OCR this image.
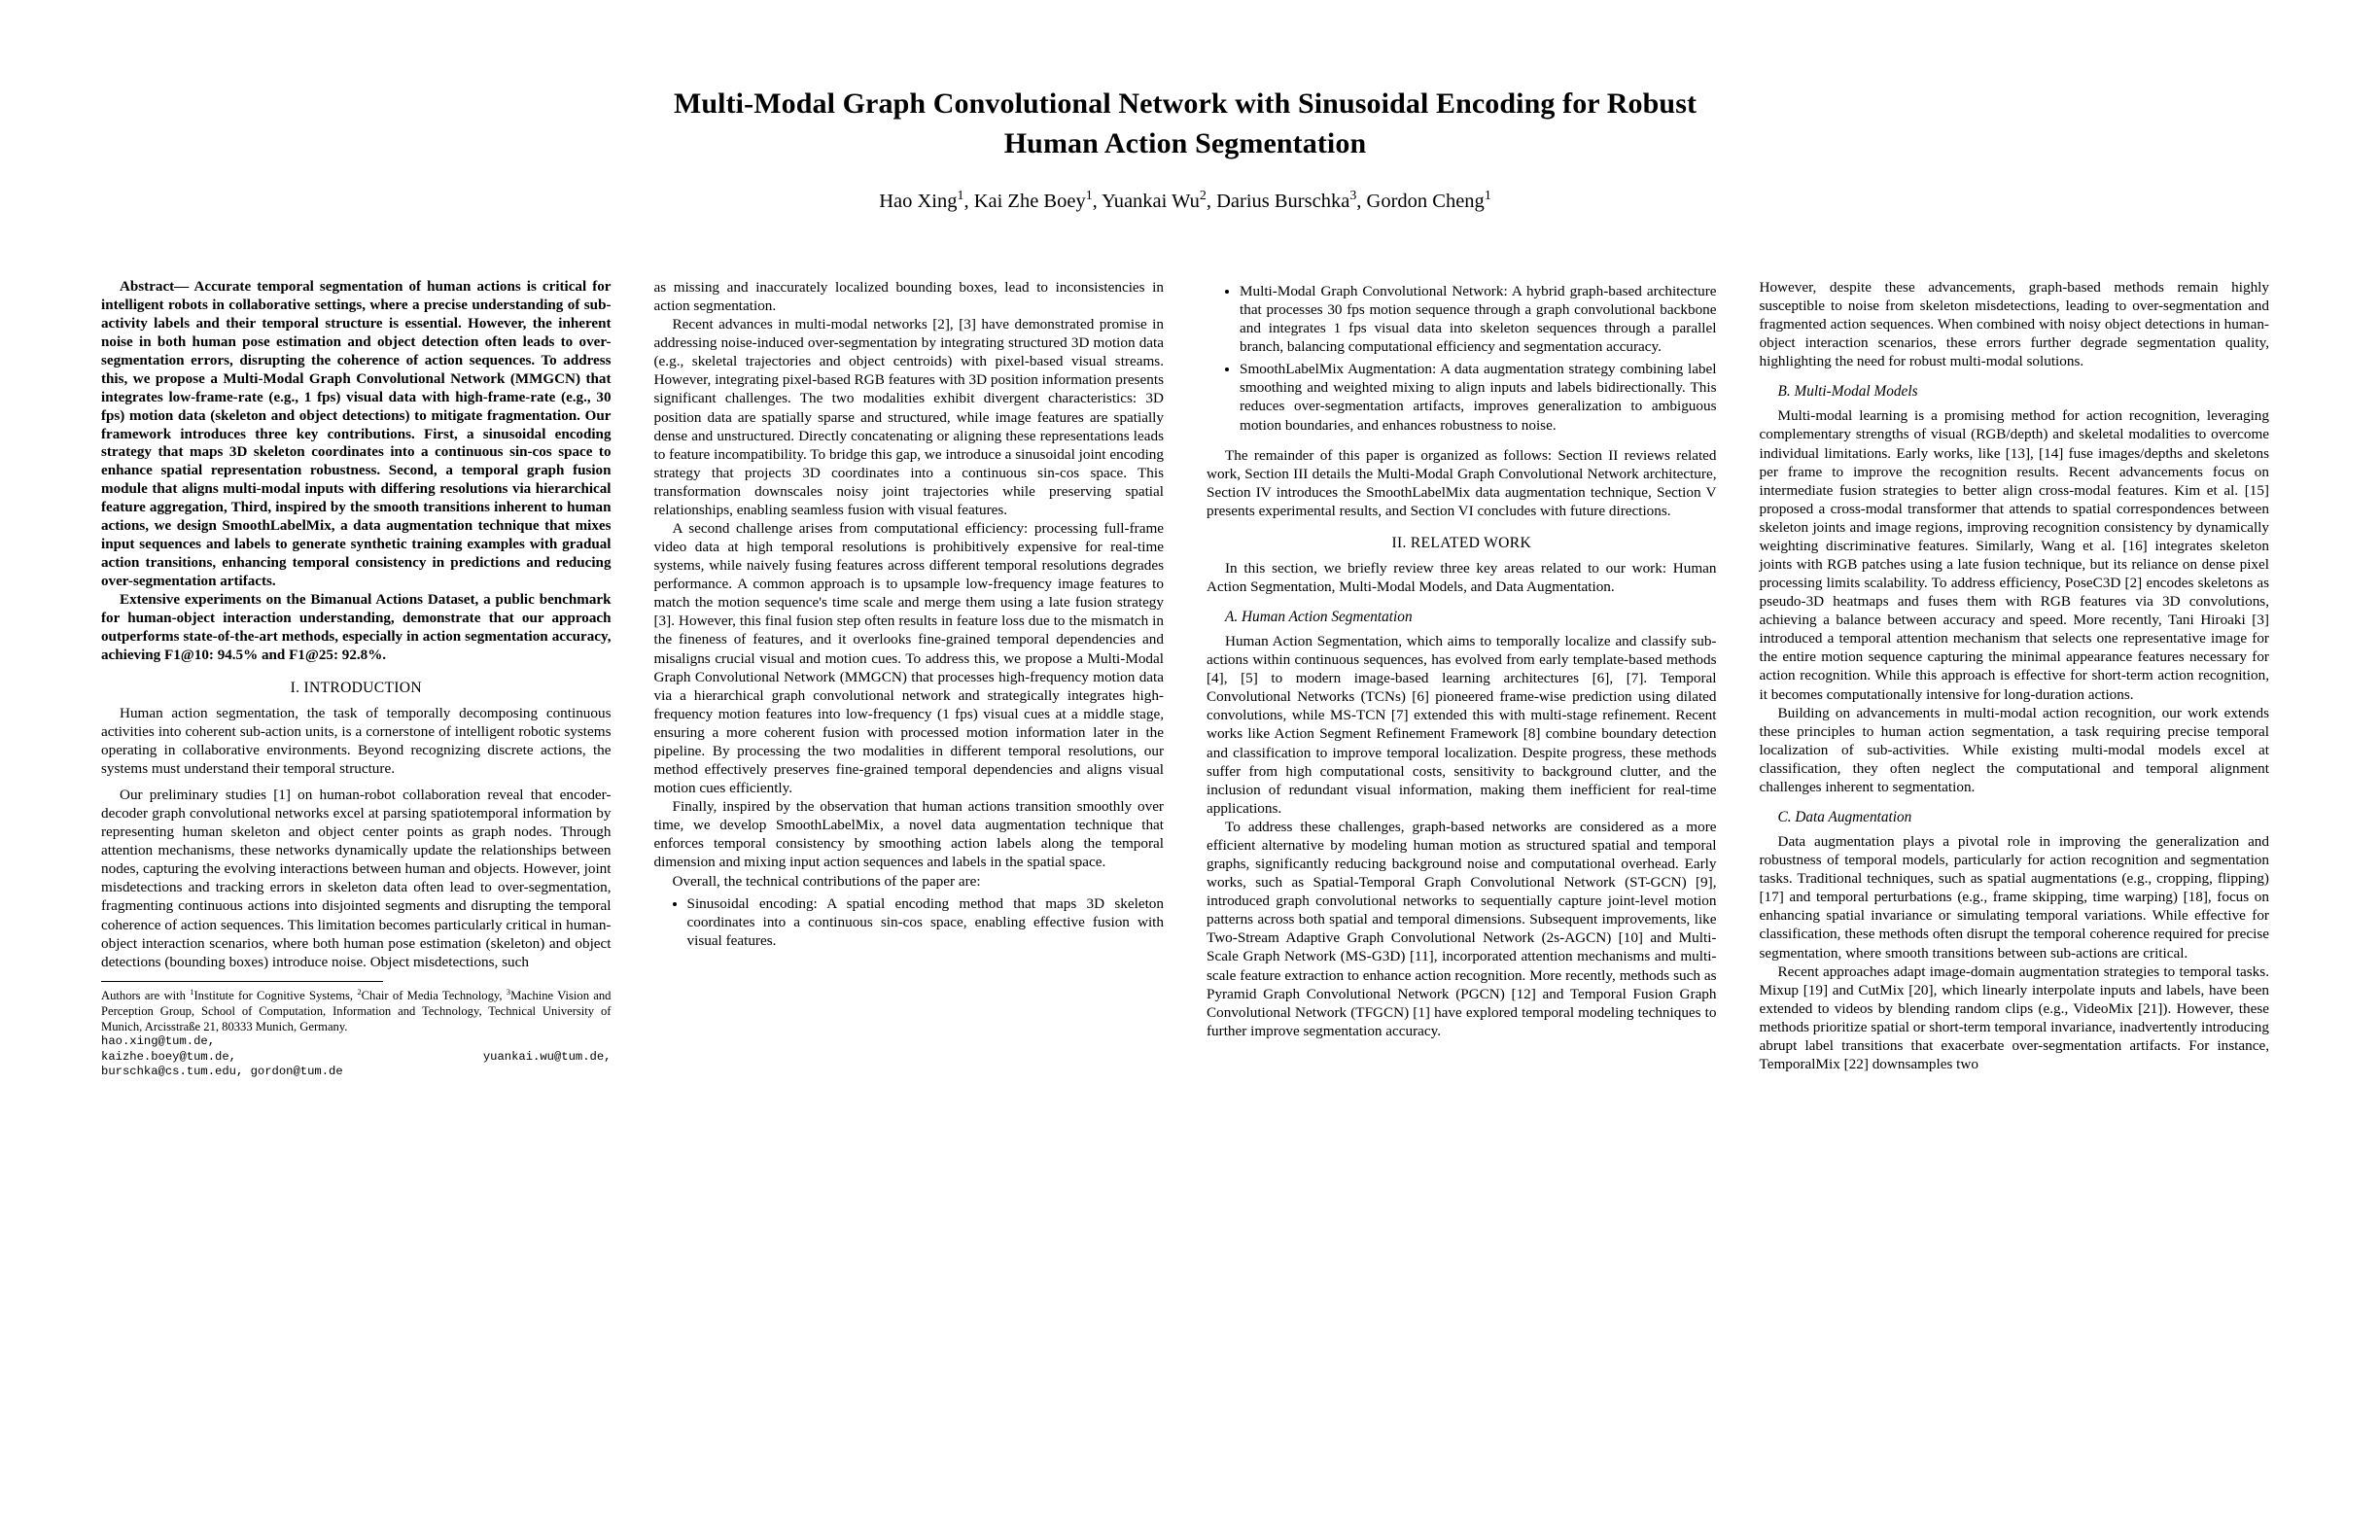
Multi-Modal Graph Convolutional Network with Sinusoidal Encoding for Robust Human Action Segmentation
Hao Xing$^1$, Kai Zhe Boey$^1$, Yuankai Wu$^2$, Darius Burschka$^3$, Gordon Cheng$^1$

Abstract— Accurate temporal segmentation of human actions is critical for intelligent robots in collaborative settings, where a precise understanding of sub-activity labels and their temporal structure is essential. However, the inherent noise in both human pose estimation and object detection often leads to over-segmentation errors, disrupting the coherence of action sequences. To address this, we propose a Multi-Modal Graph Convolutional Network (MMGCN) that integrates low-frame-rate (e.g., 1 fps) visual data with high-frame-rate (e.g., 30 fps) motion data (skeleton and object detections) to mitigate fragmentation. Our framework introduces three key contributions. First, a sinusoidal encoding strategy that maps 3D skeleton coordinates into a continuous sin-cos space to enhance spatial representation robustness. Second, a temporal graph fusion module that aligns multi-modal inputs with differing resolutions via hierarchical feature aggregation, Third, inspired by the smooth transitions inherent to human actions, we design SmoothLabelMix, a data augmentation technique that mixes input sequences and labels to generate synthetic training examples with gradual action transitions, enhancing temporal consistency in predictions and reducing over-segmentation artifacts.

Extensive experiments on the Bimanual Actions Dataset, a public benchmark for human-object interaction understanding, demonstrate that our approach outperforms state-of-the-art methods, especially in action segmentation accuracy, achieving F1@10: 94.5% and F1@25: 92.8%.

I. INTRODUCTION

Human action segmentation, the task of temporally decomposing continuous activities into coherent sub-action units, is a cornerstone of intelligent robotic systems operating in collaborative environments. Beyond recognizing discrete actions, the systems must understand their temporal structure.

Our preliminary studies [1] on human-robot collaboration reveal that encoder-decoder graph convolutional networks excel at parsing spatiotemporal information by representing human skeleton and object center points as graph nodes. Through attention mechanisms, these networks dynamically update the relationships between nodes, capturing the evolving interactions between human and objects. However, joint misdetections and tracking errors in skeleton data often lead to over-segmentation, fragmenting continuous actions into disjointed segments and disrupting the temporal coherence of action sequences. This limitation becomes particularly critical in human-object interaction scenarios, where both human pose estimation (skeleton) and object detections (bounding boxes) introduce noise. Object misdetections, such

Authors are with $^1$Institute for Cognitive Systems, $^2$Chair of Media Technology, $^3$Machine Vision and Perception Group, School of Computation, Information and Technology, Technical University of Munich, Arcisstraße 21, 80333 Munich, Germany.

hao.xing@tum.de,

kaizhe.boey@tum.de,	yuankai.wu@tum.de,

burschka@cs.tum.edu, gordon@tum.de

as missing and inaccurately localized bounding boxes, lead to inconsistencies in action segmentation.

Recent advances in multi-modal networks [2], [3] have demonstrated promise in addressing noise-induced over-segmentation by integrating structured 3D motion data (e.g., skeletal trajectories and object centroids) with pixel-based visual streams. However, integrating pixel-based RGB features with 3D position information presents significant challenges. The two modalities exhibit divergent characteristics: 3D position data are spatially sparse and structured, while image features are spatially dense and unstructured. Directly concatenating or aligning these representations leads to feature incompatibility. To bridge this gap, we introduce a sinusoidal joint encoding strategy that projects 3D coordinates into a continuous sin-cos space. This transformation downscales noisy joint trajectories while preserving spatial relationships, enabling seamless fusion with visual features.

A second challenge arises from computational efficiency: processing full-frame video data at high temporal resolutions is prohibitively expensive for real-time systems, while naively fusing features across different temporal resolutions degrades performance. A common approach is to upsample low-frequency image features to match the motion sequence's time scale and merge them using a late fusion strategy [3]. However, this final fusion step often results in feature loss due to the mismatch in the fineness of features, and it overlooks fine-grained temporal dependencies and misaligns crucial visual and motion cues. To address this, we propose a Multi-Modal Graph Convolutional Network (MMGCN) that processes high-frequency motion data via a hierarchical graph convolutional network and strategically integrates high-frequency motion features into low-frequency (1 fps) visual cues at a middle stage, ensuring a more coherent fusion with processed motion information later in the pipeline. By processing the two modalities in different temporal resolutions, our method effectively preserves fine-grained temporal dependencies and aligns visual motion cues efficiently.

Finally, inspired by the observation that human actions transition smoothly over time, we develop SmoothLabelMix, a novel data augmentation technique that enforces temporal consistency by smoothing action labels along the temporal dimension and mixing input action sequences and labels in the spatial space.

Overall, the technical contributions of the paper are:

• Sinusoidal encoding: A spatial encoding method that maps 3D skeleton coordinates into a continuous sin-cos space, enabling effective fusion with visual features.
• Multi-Modal Graph Convolutional Network: A hybrid graph-based architecture that processes 30 fps motion sequence through a graph convolutional backbone and integrates 1 fps visual data into skeleton sequences through a parallel branch, balancing computational efficiency and segmentation accuracy.
• SmoothLabelMix Augmentation: A data augmentation strategy combining label smoothing and weighted mixing to align inputs and labels bidirectionally. This reduces over-segmentation artifacts, improves generalization to ambiguous motion boundaries, and enhances robustness to noise.

The remainder of this paper is organized as follows: Section II reviews related work, Section III details the Multi-Modal Graph Convolutional Network architecture, Section IV introduces the SmoothLabelMix data augmentation technique, Section V presents experimental results, and Section VI concludes with future directions.

II. RELATED WORK

In this section, we briefly review three key areas related to our work: Human Action Segmentation, Multi-Modal Models, and Data Augmentation.

A. Human Action Segmentation

Human Action Segmentation, which aims to temporally localize and classify sub-actions within continuous sequences, has evolved from early template-based methods [4], [5] to modern image-based learning architectures [6], [7]. Temporal Convolutional Networks (TCNs) [6] pioneered frame-wise prediction using dilated convolutions, while MS-TCN [7] extended this with multi-stage refinement. Recent works like Action Segment Refinement Framework [8] combine boundary detection and classification to improve temporal localization. Despite progress, these methods suffer from high computational costs, sensitivity to background clutter, and the inclusion of redundant visual information, making them inefficient for real-time applications.

To address these challenges, graph-based networks are considered as a more efficient alternative by modeling human motion as structured spatial and temporal graphs, significantly reducing background noise and computational overhead. Early works, such as Spatial-Temporal Graph Convolutional Network (ST-GCN) [9], introduced graph convolutional networks to sequentially capture joint-level motion patterns across both spatial and temporal dimensions. Subsequent improvements, like Two-Stream Adaptive Graph Convolutional Network (2s-AGCN) [10] and Multi-Scale Graph Network (MS-G3D) [11], incorporated attention mechanisms and multi-scale feature extraction to enhance action recognition. More recently, methods such as Pyramid Graph Convolutional Network (PGCN) [12] and Temporal Fusion Graph Convolutional Network (TFGCN) [1] have explored temporal modeling techniques to further improve segmentation accuracy.

However, despite these advancements, graph-based methods remain highly susceptible to noise from skeleton misdetections, leading to over-segmentation and fragmented action sequences. When combined with noisy object detections in human-object interaction scenarios, these errors further degrade segmentation quality, highlighting the need for robust multi-modal solutions.

B. Multi-Modal Models

Multi-modal learning is a promising method for action recognition, leveraging complementary strengths of visual (RGB/depth) and skeletal modalities to overcome individual limitations. Early works, like [13], [14] fuse images/depths and skeletons per frame to improve the recognition results. Recent advancements focus on intermediate fusion strategies to better align cross-modal features. Kim et al. [15] proposed a cross-modal transformer that attends to spatial correspondences between skeleton joints and image regions, improving recognition consistency by dynamically weighting discriminative features. Similarly, Wang et al. [16] integrates skeleton joints with RGB patches using a late fusion technique, but its reliance on dense pixel processing limits scalability. To address efficiency, PoseC3D [2] encodes skeletons as pseudo-3D heatmaps and fuses them with RGB features via 3D convolutions, achieving a balance between accuracy and speed. More recently, Tani Hiroaki [3] introduced a temporal attention mechanism that selects one representative image for the entire motion sequence capturing the minimal appearance features necessary for action recognition. While this approach is effective for short-term action recognition, it becomes computationally intensive for long-duration actions.

Building on advancements in multi-modal action recognition, our work extends these principles to human action segmentation, a task requiring precise temporal localization of sub-activities. While existing multi-modal models excel at classification, they often neglect the computational and temporal alignment challenges inherent to segmentation.

C. Data Augmentation

Data augmentation plays a pivotal role in improving the generalization and robustness of temporal models, particularly for action recognition and segmentation tasks. Traditional techniques, such as spatial augmentations (e.g., cropping, flipping) [17] and temporal perturbations (e.g., frame skipping, time warping) [18], focus on enhancing spatial invariance or simulating temporal variations. While effective for classification, these methods often disrupt the temporal coherence required for precise segmentation, where smooth transitions between sub-actions are critical.

Recent approaches adapt image-domain augmentation strategies to temporal tasks. Mixup [19] and CutMix [20], which linearly interpolate inputs and labels, have been extended to videos by blending random clips (e.g., VideoMix [21]). However, these methods prioritize spatial or short-term temporal invariance, inadvertently introducing abrupt label transitions that exacerbate over-segmentation artifacts. For instance, TemporalMix [22] downsamples two
